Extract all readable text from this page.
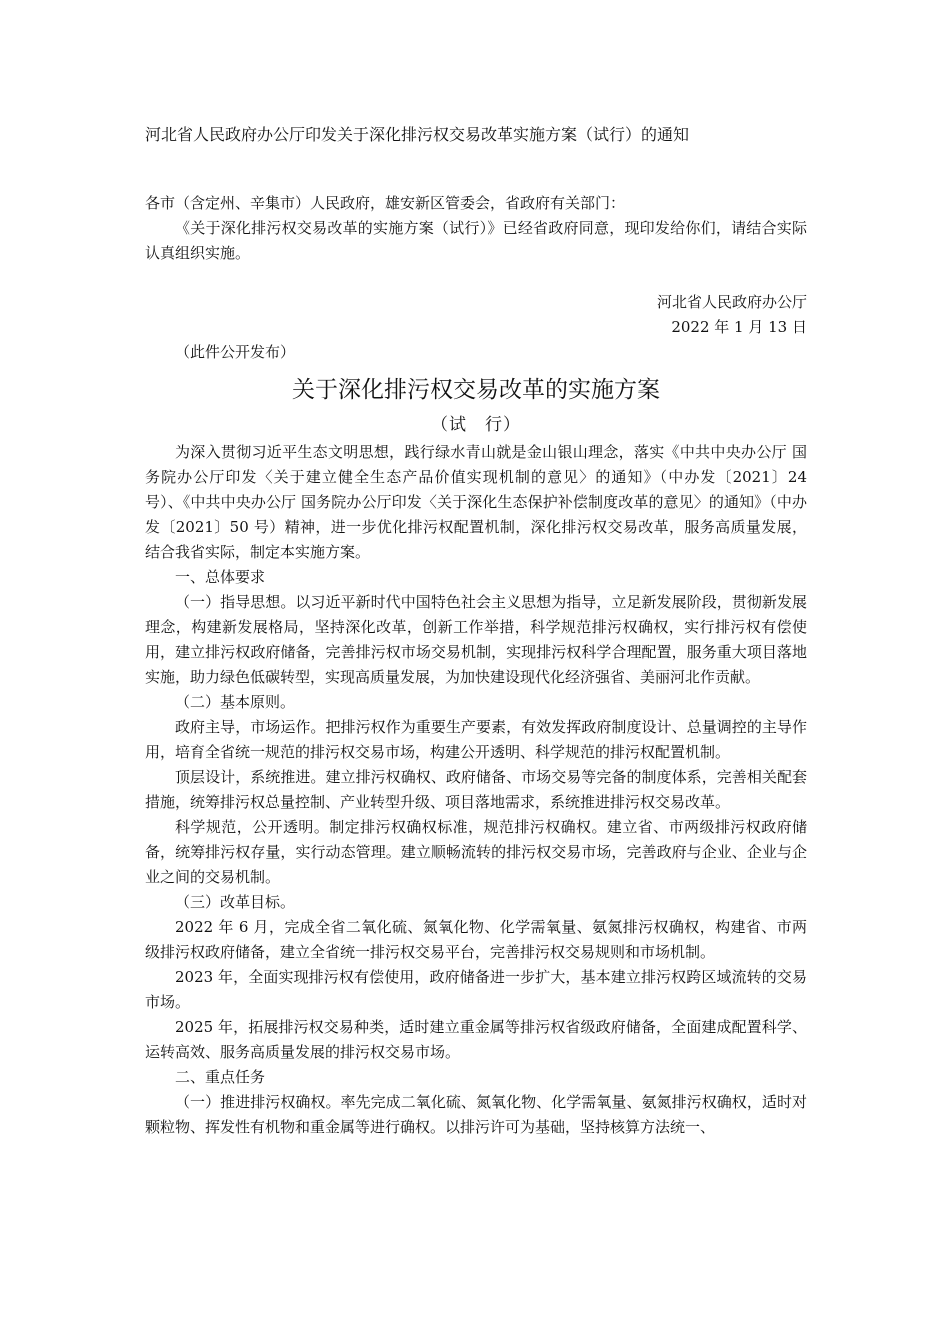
河北省人民政府办公厅印发关于深化排污权交易改革实施方案（试行）的通知

各市（含定州、辛集市）人民政府，雄安新区管委会，省政府有关部门：

《关于深化排污权交易改革的实施方案（试行）》已经省政府同意，现印发给你们，请结合实际认真组织实施。

河北省人民政府办公厅

2022 年 1 月 13 日

（此件公开发布）

关于深化排污权交易改革的实施方案
（试　行）

为深入贯彻习近平生态文明思想，践行绿水青山就是金山银山理念，落实《中共中央办公厅 国务院办公厅印发〈关于建立健全生态产品价值实现机制的意见〉的通知》（中办发〔2021〕24 号）、《中共中央办公厅 国务院办公厅印发〈关于深化生态保护补偿制度改革的意见〉的通知》（中办发〔2021〕50 号）精神，进一步优化排污权配置机制，深化排污权交易改革，服务高质量发展，结合我省实际，制定本实施方案。

一、总体要求

（一）指导思想。以习近平新时代中国特色社会主义思想为指导，立足新发展阶段，贯彻新发展理念，构建新发展格局，坚持深化改革，创新工作举措，科学规范排污权确权，实行排污权有偿使用，建立排污权政府储备，完善排污权市场交易机制，实现排污权科学合理配置，服务重大项目落地实施，助力绿色低碳转型，实现高质量发展，为加快建设现代化经济强省、美丽河北作贡献。

（二）基本原则。

政府主导，市场运作。把排污权作为重要生产要素，有效发挥政府制度设计、总量调控的主导作用，培育全省统一规范的排污权交易市场，构建公开透明、科学规范的排污权配置机制。

顶层设计，系统推进。建立排污权确权、政府储备、市场交易等完备的制度体系，完善相关配套措施，统筹排污权总量控制、产业转型升级、项目落地需求，系统推进排污权交易改革。

科学规范，公开透明。制定排污权确权标准，规范排污权确权。建立省、市两级排污权政府储备，统筹排污权存量，实行动态管理。建立顺畅流转的排污权交易市场，完善政府与企业、企业与企业之间的交易机制。

（三）改革目标。

2022 年 6 月，完成全省二氧化硫、氮氧化物、化学需氧量、氨氮排污权确权，构建省、市两级排污权政府储备，建立全省统一排污权交易平台，完善排污权交易规则和市场机制。

2023 年，全面实现排污权有偿使用，政府储备进一步扩大，基本建立排污权跨区域流转的交易市场。

2025 年，拓展排污权交易种类，适时建立重金属等排污权省级政府储备，全面建成配置科学、运转高效、服务高质量发展的排污权交易市场。

二、重点任务

（一）推进排污权确权。率先完成二氧化硫、氮氧化物、化学需氧量、氨氮排污权确权，适时对颗粒物、挥发性有机物和重金属等进行确权。以排污许可为基础，坚持核算方法统一、
